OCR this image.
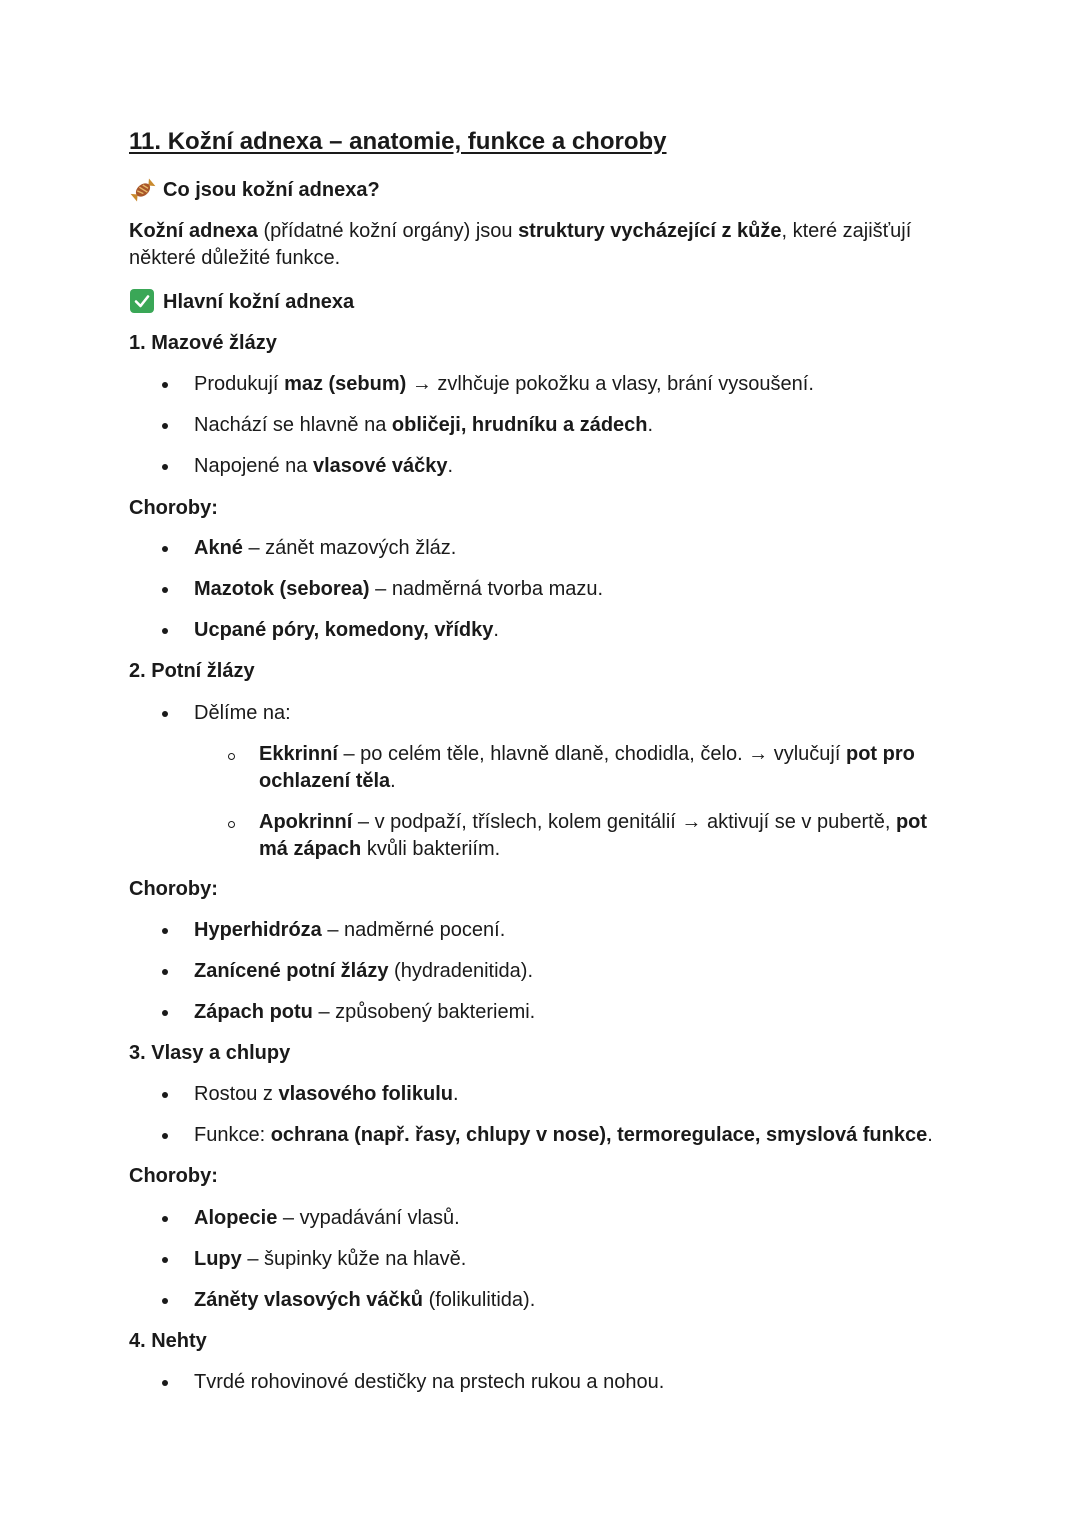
11. Kožní adnexa – anatomie, funkce a choroby
Co jsou kožní adnexa?
Kožní adnexa (přídatné kožní orgány) jsou struktury vycházející z kůže, které zajišťují
některé důležité funkce.
Hlavní kožní adnexa
1. Mazové žlázy
Produkují maz (sebum) → zvlhčuje pokožku a vlasy, brání vysoušení.
Nachází se hlavně na obličeji, hrudníku a zádech.
Napojené na vlasové váčky.
Choroby:
Akné – zánět mazových žláz.
Mazotok (seborea) – nadměrná tvorba mazu.
Ucpané póry, komedony, vřídky.
2. Potní žlázy
Dělíme na:
Ekkrinní – po celém těle, hlavně dlaně, chodidla, čelo. → vylučují pot pro
ochlazení těla.
Apokrinní – v podpaží, tříslech, kolem genitálií → aktivují se v pubertě, pot
má zápach kvůli bakteriím.
Choroby:
Hyperhidróza – nadměrné pocení.
Zanícené potní žlázy (hydradenitida).
Zápach potu – způsobený bakteriemi.
3. Vlasy a chlupy
Rostou z vlasového folikulu.
Funkce: ochrana (např. řasy, chlupy v nose), termoregulace, smyslová funkce.
Choroby:
Alopecie – vypadávání vlasů.
Lupy – šupinky kůže na hlavě.
Záněty vlasových váčků (folikulitida).
4. Nehty
Tvrdé rohovinové destičky na prstech rukou a nohou.
